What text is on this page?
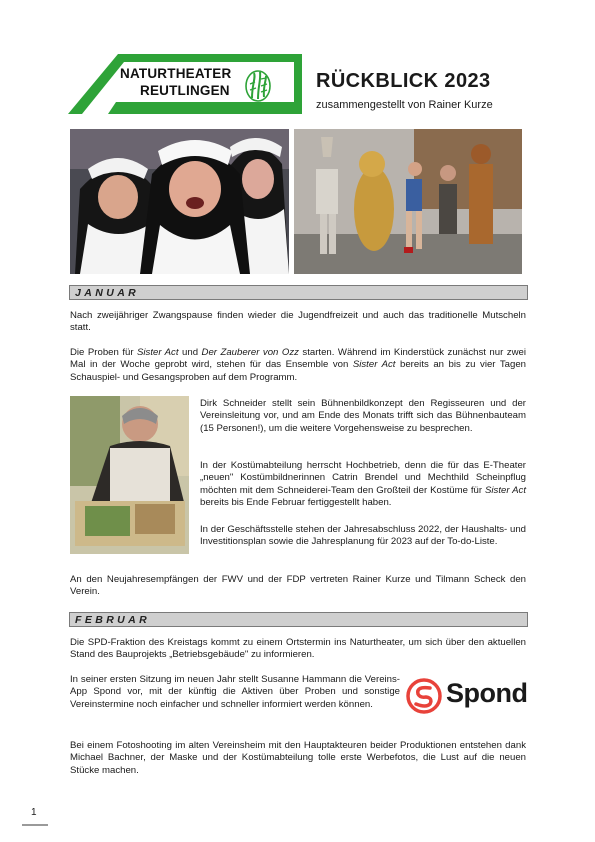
NATURTHEATER
REUTLINGEN	RÜCKBLICK 2023
zusammengestellt von Rainer Kurze
JANUAR

Nach zweijähriger Zwangspause finden wieder die Jugendfreizeit und auch das traditionelle Mutscheln statt.

Die Proben für Sister Act und Der Zauberer von Ozz starten. Während im Kinderstück zunächst nur zwei Mal in der Woche geprobt wird, stehen für das Ensemble von Sister Act bereits an bis zu vier Tagen Schauspiel- und Gesangsproben auf dem Programm.

Dirk Schneider stellt sein Bühnenbildkonzept den Regisseuren und der Vereinsleitung vor, und am Ende des Monats trifft sich das Bühnenbauteam (15 Personen!), um die weitere Vorgehensweise zu besprechen.

In der Kostümabteilung herrscht Hochbetrieb, denn die für das E-Theater „neuen" Kostümbildnerinnen Catrin Brendel und Mechthild Scheinpflug möchten mit dem Schneiderei-Team den Großteil der Kostüme für Sister Act bereits bis Ende Februar fertiggestellt haben.

In der Geschäftsstelle stehen der Jahresabschluss 2022, der Haushalts- und Investitionsplan sowie die Jahresplanung für 2023 auf der To-do-Liste.

An den Neujahresempfängen der FWV und der FDP vertreten Rainer Kurze und Tilmann Scheck den Verein.

FEBRUAR

Die SPD-Fraktion des Kreistags kommt zu einem Ortstermin ins Naturtheater, um sich über den aktuellen Stand des Bauprojekts „Betriebsgebäude" zu informieren.

In seiner ersten Sitzung im neuen Jahr stellt Susanne Hammann die Vereins-App Spond vor, mit der künftig die Aktiven über Proben und sonstige Vereinstermine noch einfacher und schneller informiert werden können.	Spond

Bei einem Fotoshooting im alten Vereinsheim mit den Hauptakteuren beider Produktionen entstehen dank Michael Bachner, der Maske und der Kostümabteilung tolle erste Werbefotos, die Lust auf die neuen Stücke machen.

1
